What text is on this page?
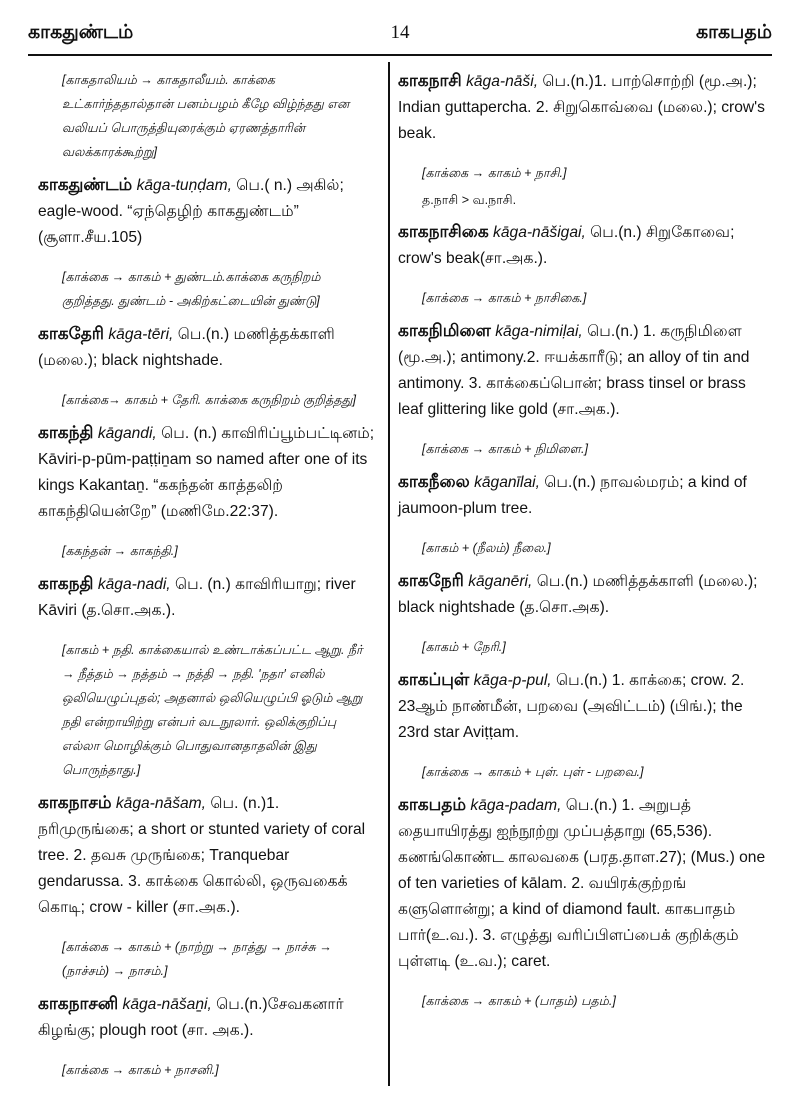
காகதுண்டம்	14	காகபதம்

[காகதாலியம் → காகதாலீயம். காக்கை உட்கார்ந்ததால்தான் பனம்பழம் கீழே விழ்ந்தது என வலியப் பொருத்தியுரைக்கும் ஏரணத்தாரின் வலக்காரக்கூற்று]

காகதுண்டம் kāga-tuṇḍam, பெ.( n.) அகில்; eagle-wood. “ஏந்தெழிற் காகதுண்டம்” (சூளா.சீய.105)

[காக்கை → காகம் + துண்டம்.காக்கை கருநிறம் குறித்தது. துண்டம் - அகிற்கட்டையின் துண்டு]

காகதேரி kāga-tēri, பெ.(n.) மணித்தக்காளி (மலை.); black nightshade.

[காக்கை→ காகம் + தேரி. காக்கை கருநிறம் குறித்தது]

காகந்தி kāgandi, பெ. (n.) காவிரிப்பூம்பட்டினம்; Kāviri-p-pūm-paṭṭiṉam so named after one of its kings Kakantaṉ. “ககந்தன் காத்தலிற் காகந்தியென்றே” (மணிமே.22:37).

[ககந்தன் → காகந்தி.]

காகநதி kāga-nadi, பெ. (n.) காவிரியாறு; river Kāviri (த.சொ.அக.).

[காகம் + நதி. காக்கையால் உண்டாக்கப்பட்ட ஆறு. நீர் → நீத்தம் → நத்தம் → நத்தி → நதி. 'நதா' எனில் ஒலியெழுப்புதல்; அதனால் ஒலியெழுப்பி ஓடும் ஆறு நதி என்றாயிற்று என்பர் வடநூலார். ஒலிக்குறிப்பு எல்லா மொழிக்கும் பொதுவானதாதலின் இது பொருந்தாது.]

காகநாசம் kāga-nāšam, பெ. (n.)1. நரிமுருங்கை; a short or stunted variety of coral tree. 2. தவசு முருங்கை; Tranquebar gendarussa. 3. காக்கை கொல்லி, ஒருவகைக் கொடி; crow - killer (சா.அக.).

[காக்கை → காகம் + (நாற்று → நாத்து → நாச்சு → (நாச்சம்) → நாசம்.]

காகநாசனி kāga-nāšaṉi, பெ.(n.)சேவகனார் கிழங்கு; plough root (சா. அக.).

[காக்கை → காகம் + நாசனி.]

காகநாசி kāga-nāši, பெ.(n.)1. பாற்சொற்றி (மூ.அ.); Indian guttapercha. 2. சிறுகொவ்வை (மலை.); crow's beak.

[காக்கை → காகம் + நாசி.]

த.நாசி > வ.நாசி.

காகநாசிகை kāga-nāšigai, பெ.(n.) சிறுகோவை; crow's beak(சா.அக.).

[காக்கை → காகம் + நாசிகை.]

காகநிமிளை kāga-nimiḷai, பெ.(n.) 1. கருநிமிளை (மூ.அ.); antimony.2. ஈயக்காரீடு; an alloy of tin and antimony. 3. காக்கைப்பொன்; brass tinsel or brass leaf glittering like gold (சா.அக.).

[காக்கை → காகம் + நிமிளை.]

காகநீலை kāganīlai, பெ.(n.) நாவல்மரம்; a kind of jaumoon-plum tree.

[காகம் + (நீலம்) நீலை.]

காகநேரி kāganēri, பெ.(n.) மணித்தக்காளி (மலை.); black nightshade (த.சொ.அக).

[காகம் + நேரி.]

காகப்புள் kāga-p-pul, பெ.(n.) 1. காக்கை; crow. 2. 23ஆம் நாண்மீன், பறவை (அவிட்டம்) (பிங்.); the 23rd star Aviṭṭam.

[காக்கை → காகம் + புள். புள் - பறவை.]

காகபதம் kāga-padam, பெ.(n.) 1. அறுபத் தையாயிரத்து ஐந்நூற்று முப்பத்தாறு (65,536). கணங்கொண்ட காலவகை (பரத.தாள.27); (Mus.) one of ten varieties of kālam. 2. வயிரக்குற்றங் களுளொன்று; a kind of diamond fault. காகபாதம் பார்(உ.வ.). 3. எழுத்து வரிப்பிளப்பைக் குறிக்கும் புள்ளடி (உ.வ.); caret.

[காக்கை → காகம் + (பாதம்) பதம்.]
